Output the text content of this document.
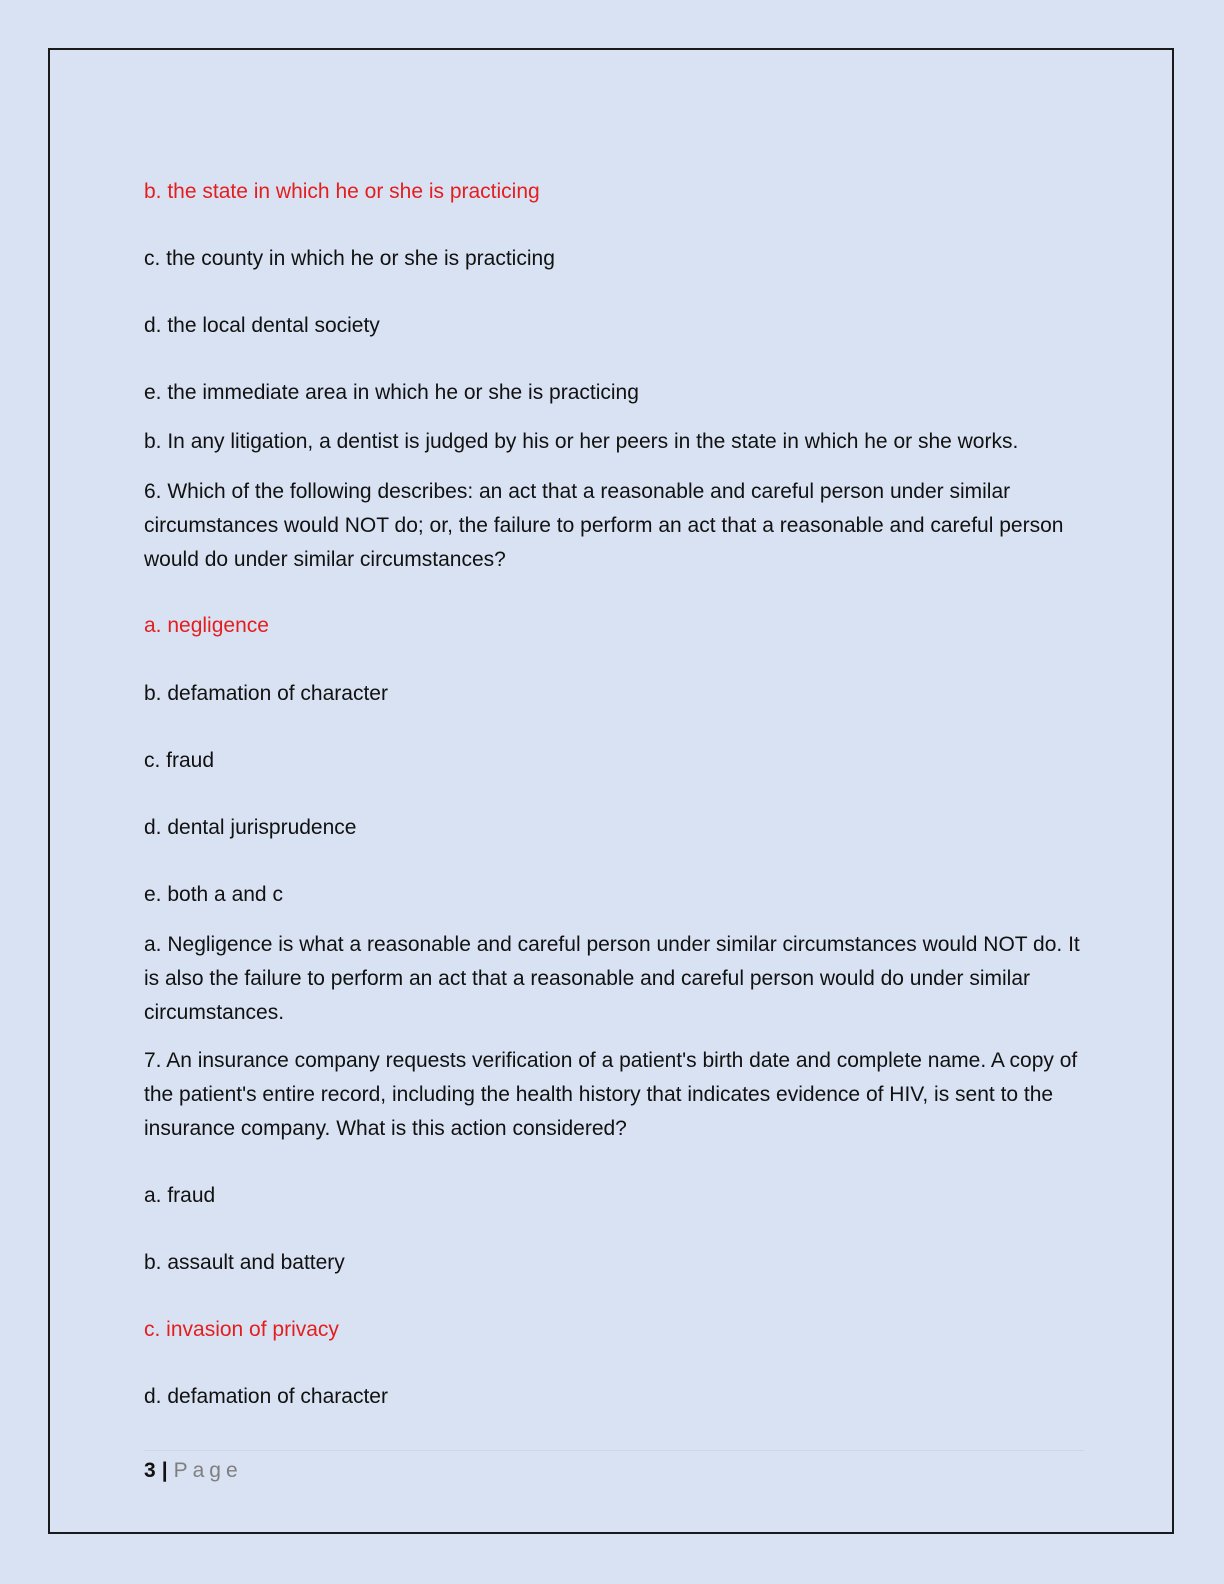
b. the state in which he or she is practicing
c. the county in which he or she is practicing
d. the local dental society
e. the immediate area in which he or she is practicing
b. In any litigation, a dentist is judged by his or her peers in the state in which he or she works.
6. Which of the following describes: an act that a reasonable and careful person under similar circumstances would NOT do; or, the failure to perform an act that a reasonable and careful person would do under similar circumstances?
a. negligence
b. defamation of character
c. fraud
d. dental jurisprudence
e. both a and c
a. Negligence is what a reasonable and careful person under similar circumstances would NOT do. It is also the failure to perform an act that a reasonable and careful person would do under similar circumstances.
7. An insurance company requests verification of a patient's birth date and complete name. A copy of the patient's entire record, including the health history that indicates evidence of HIV, is sent to the insurance company. What is this action considered?
a. fraud
b. assault and battery
c. invasion of privacy
d. defamation of character
3 | Page
